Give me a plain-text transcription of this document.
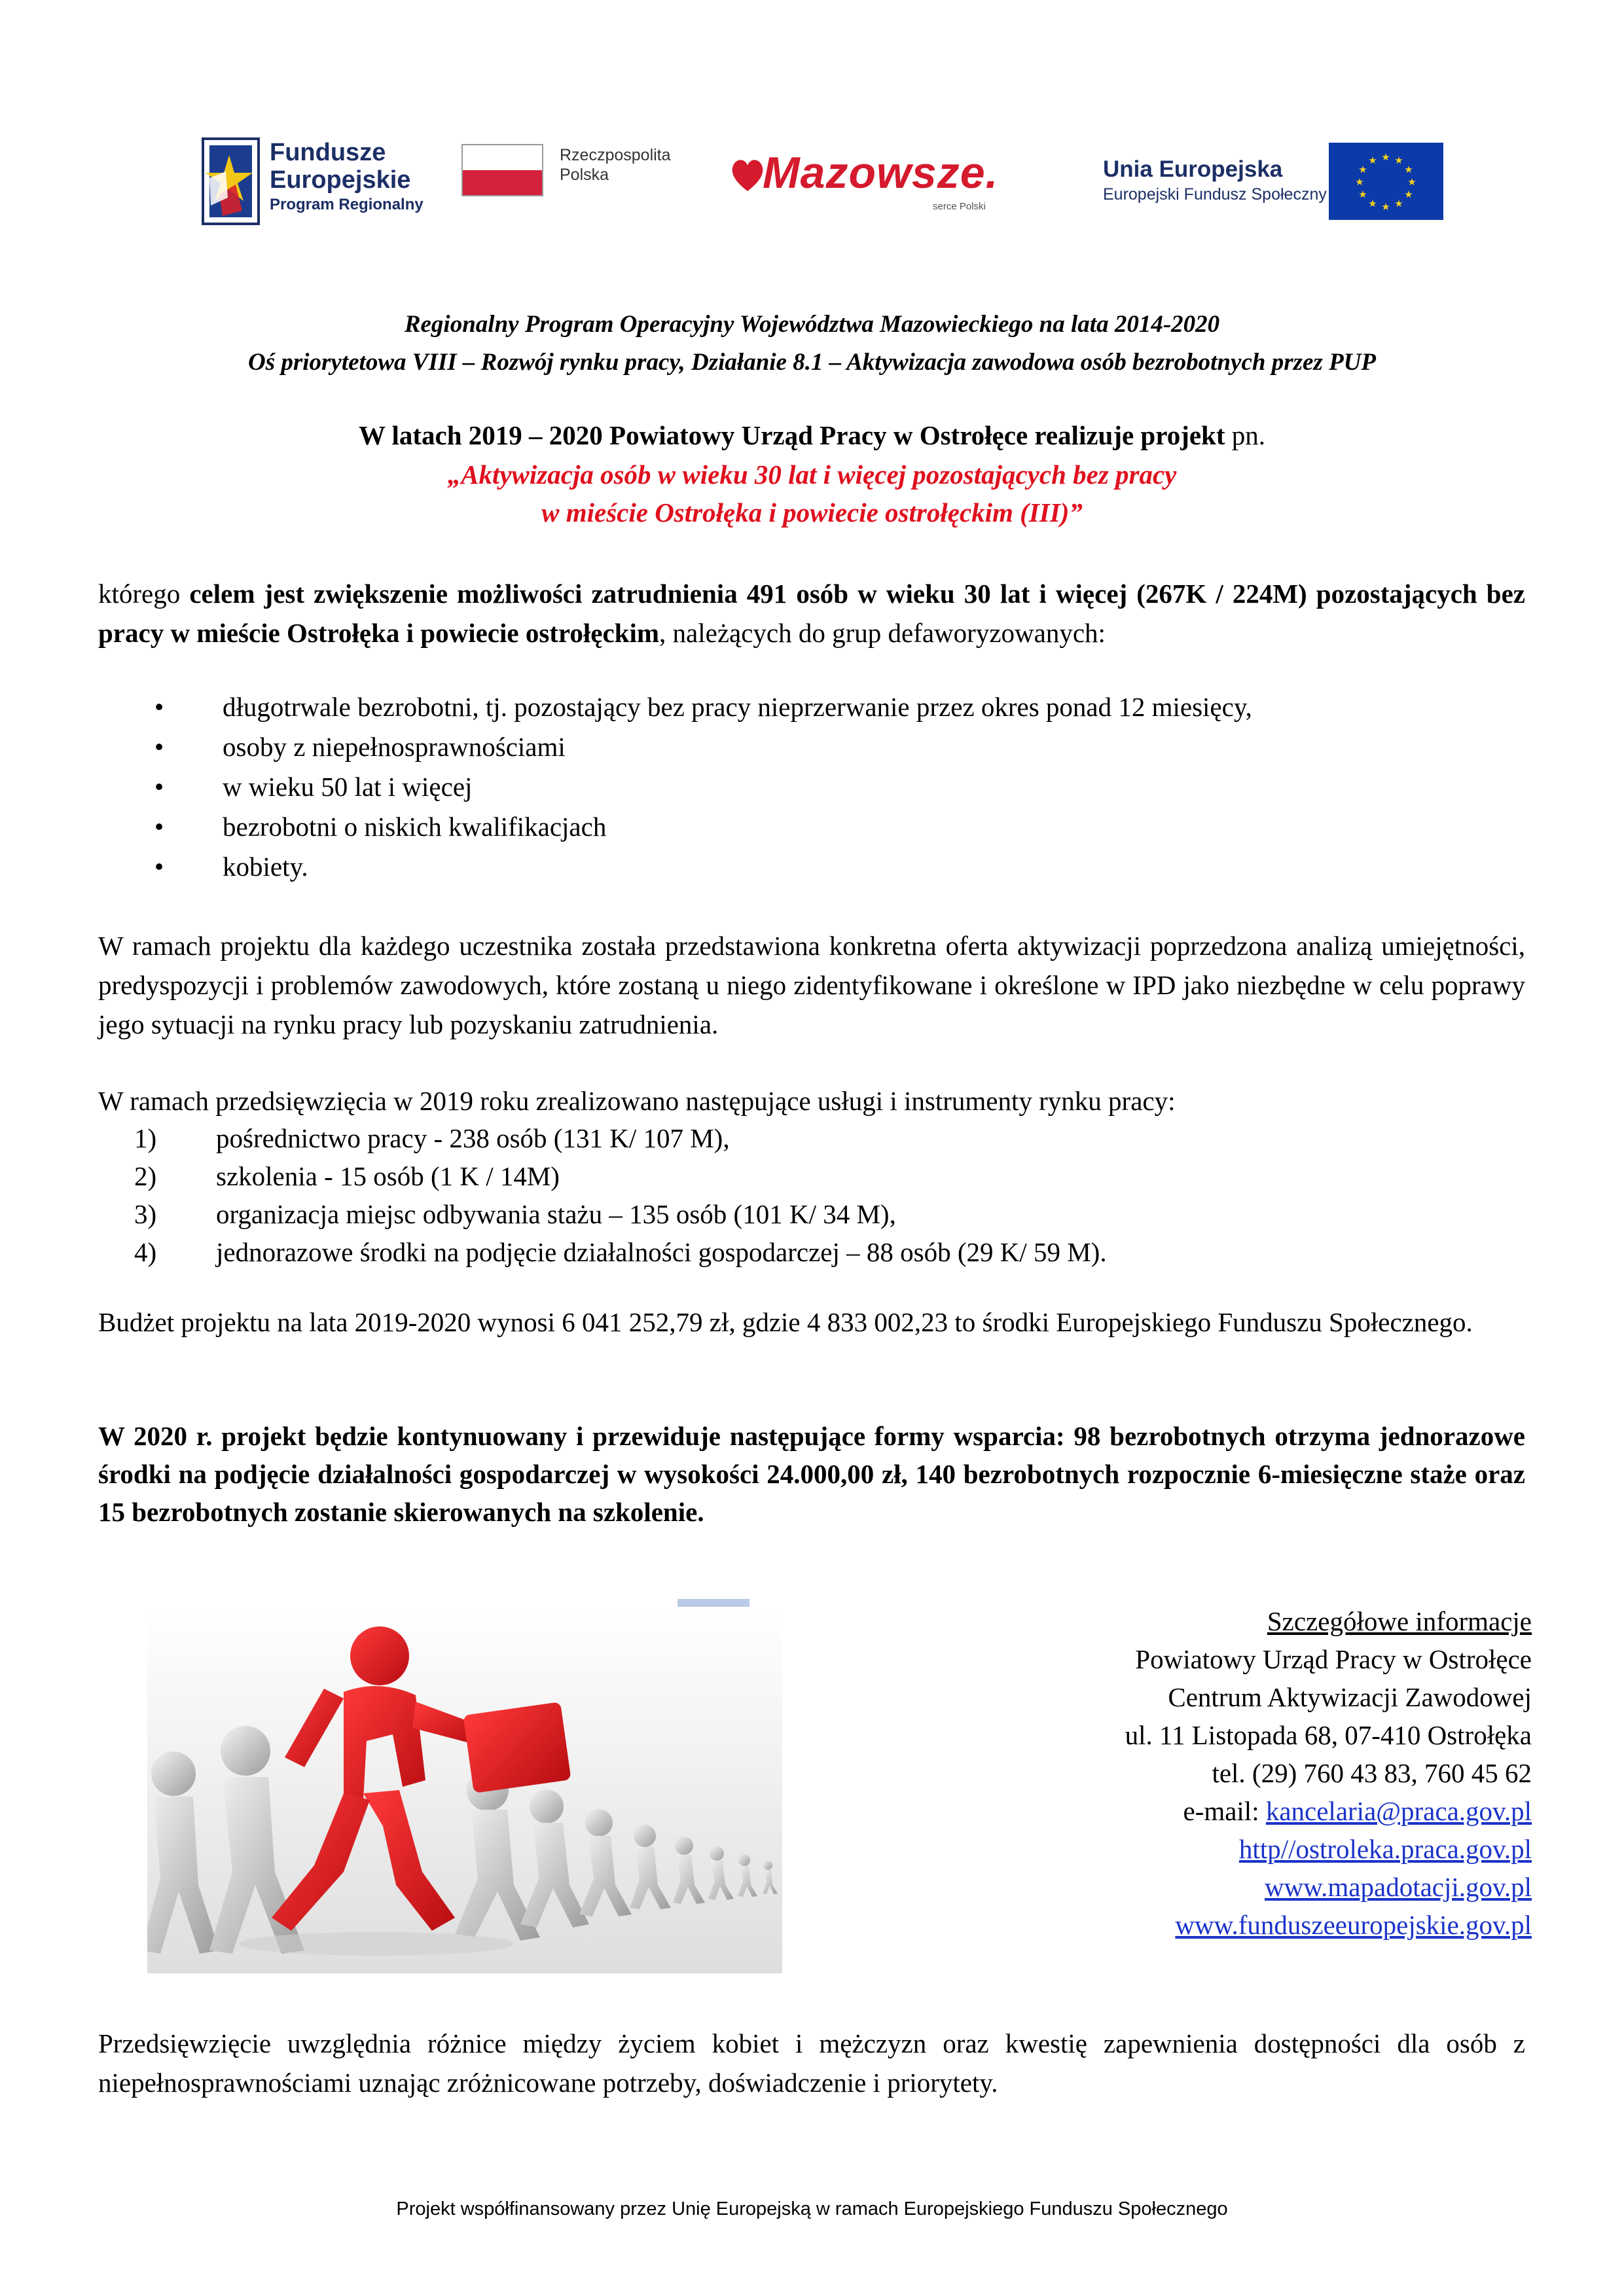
Fundusze
Europejskie
Program Regionalny
Rzeczpospolita
Polska	Mazowsze.
serce Polski
Unia Europejska
Europejski Fundusz Społeczny
★ ★
★
★
★
★
★
★
★
★
★
★
Regionalny Program Operacyjny Województwa Mazowieckiego na lata 2014-2020
Oś priorytetowa VIII – Rozwój rynku pracy, Działanie 8.1 – Aktywizacja zawodowa osób bezrobotnych przez PUP
W latach 2019 – 2020 Powiatowy Urząd Pracy w Ostrołęce realizuje projekt pn.
„Aktywizacja osób w wieku 30 lat i więcej pozostających bez pracy
w mieście Ostrołęka i powiecie ostrołęckim (III)”
którego celem jest zwiększenie możliwości zatrudnienia 491 osób w wieku 30 lat i więcej (267K / 224M) pozostających bez pracy w mieście Ostrołęka i powiecie ostrołęckim, należących do grup defaworyzowanych:
• długotrwale bezrobotni, tj. pozostający bez pracy nieprzerwanie przez okres ponad 12 miesięcy,
• osoby z niepełnosprawnościami
• w wieku 50 lat i więcej
• bezrobotni o niskich kwalifikacjach
• kobiety.
W ramach projektu dla każdego uczestnika została przedstawiona konkretna oferta aktywizacji poprzedzona analizą umiejętności, predyspozycji i problemów zawodowych, które zostaną u niego zidentyfikowane i określone w IPD jako niezbędne w celu poprawy jego sytuacji na rynku pracy lub pozyskaniu zatrudnienia.
W ramach przedsięwzięcia w 2019 roku zrealizowano następujące usługi i instrumenty rynku pracy:
1) pośrednictwo pracy - 238 osób (131 K/ 107 M),
2) szkolenia - 15 osób (1 K / 14M)
3) organizacja miejsc odbywania stażu – 135 osób (101 K/ 34 M),
4) jednorazowe środki na podjęcie działalności gospodarczej – 88 osób (29 K/ 59 M).
Budżet projektu na lata 2019-2020 wynosi 6 041 252,79 zł, gdzie 4 833 002,23 to środki Europejskiego Funduszu Społecznego.
W 2020 r. projekt będzie kontynuowany i przewiduje następujące formy wsparcia: 98 bezrobotnych otrzyma jednorazowe środki na podjęcie działalności gospodarczej w wysokości 24.000,00 zł, 140 bezrobotnych rozpocznie 6-miesięczne staże oraz 15 bezrobotnych zostanie skierowanych na szkolenie.
Szczegółowe informacje
Powiatowy Urząd Pracy w Ostrołęce
Centrum Aktywizacji Zawodowej
ul. 11 Listopada 68, 07-410 Ostrołęka
tel. (29) 760 43 83, 760 45 62
e-mail: kancelaria@praca.gov.pl
http//ostroleka.praca.gov.pl
www.mapadotacji.gov.pl
www.funduszeeuropejskie.gov.pl
Przedsięwzięcie uwzględnia różnice między życiem kobiet i mężczyzn oraz kwestię zapewnienia dostępności dla osób z niepełnosprawnościami uznając zróżnicowane potrzeby, doświadczenie i priorytety.
Projekt współfinansowany przez Unię Europejską w ramach Europejskiego Funduszu Społecznego
